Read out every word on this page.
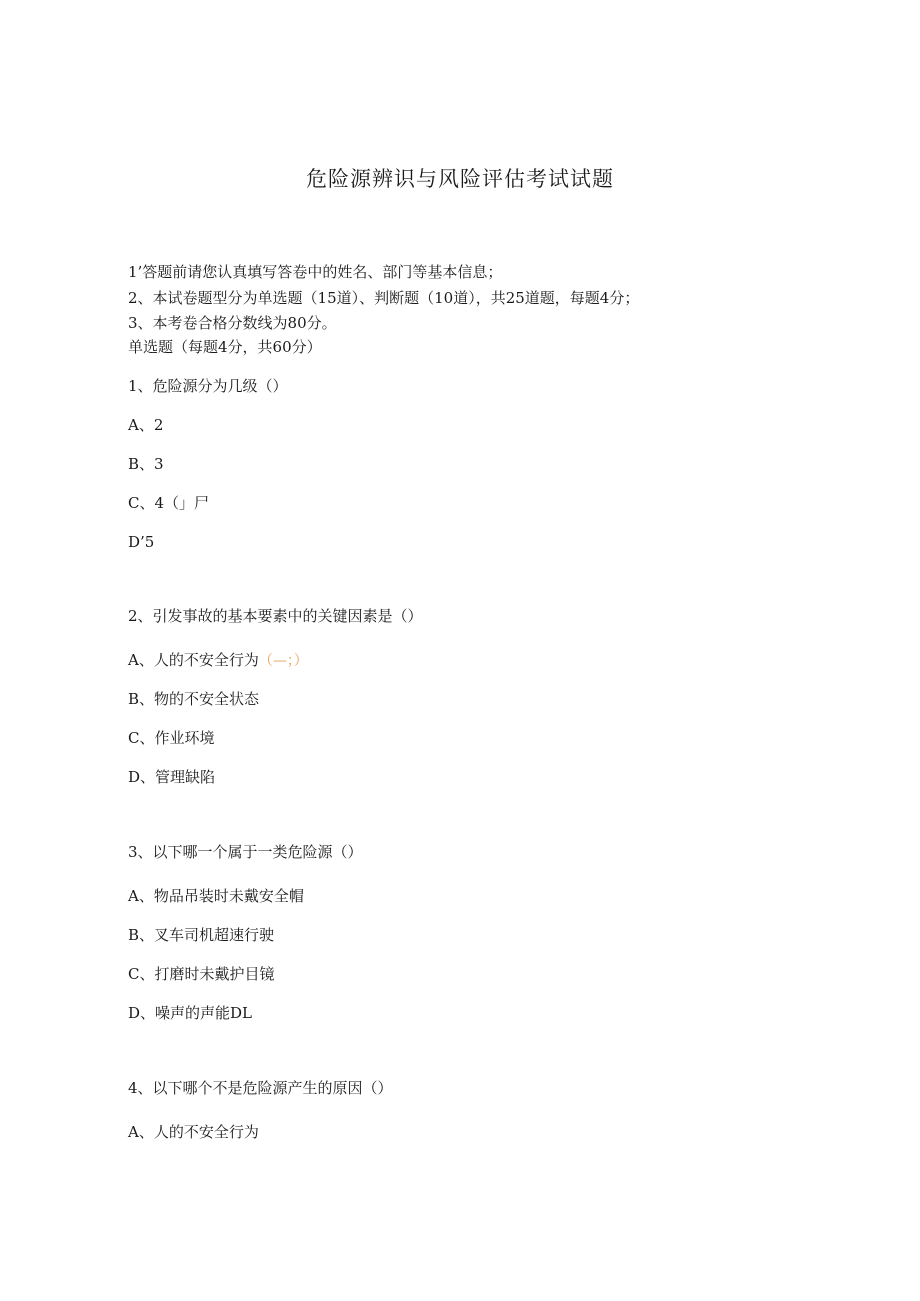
危险源辨识与风险评估考试试题
1’答题前请您认真填写答卷中的姓名、部门等基本信息；
2、本试卷题型分为单选题（15道）、判断题（10道），共25道题，每题4分；
3、本考卷合格分数线为80分。
单选题（每题4分，共60分）
1、危险源分为几级（）
A、2
B、3
C、4（」尸
D’5
2、引发事故的基本要素中的关键因素是（）
A、人的不安全行为（—；）
B、物的不安全状态
C、作业环境
D、管理缺陷
3、以下哪一个属于一类危险源（）
A、物品吊装时未戴安全帽
B、叉车司机超速行驶
C、打磨时未戴护目镜
D、噪声的声能DL
4、以下哪个不是危险源产生的原因（）
A、人的不安全行为
